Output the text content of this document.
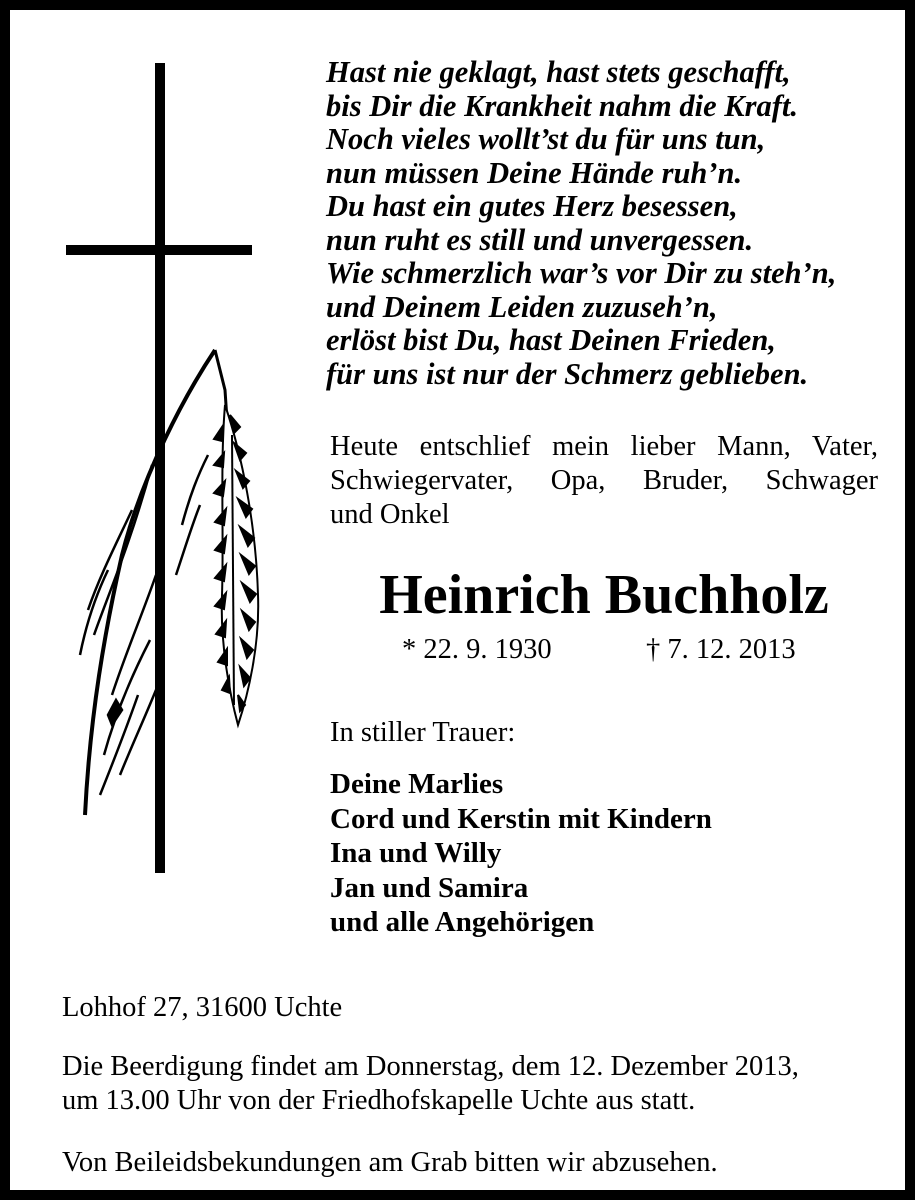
Hast nie geklagt, hast stets geschafft,
bis Dir die Krankheit nahm die Kraft.
Noch vieles wollt’st du für uns tun,
nun müssen Deine Hände ruh’n.
Du hast ein gutes Herz besessen,
nun ruht es still und unvergessen.
Wie schmerzlich war’s vor Dir zu steh’n,
und Deinem Leiden zuzuseh’n,
erlöst bist Du, hast Deinen Frieden,
für uns ist nur der Schmerz geblieben.
Heute entschlief mein lieber Mann, Vater,
Schwiegervater, Opa, Bruder, Schwager
und Onkel
Heinrich Buchholz
* 22. 9. 1930	† 7. 12. 2013
In stiller Trauer:
Deine Marlies
Cord und Kerstin mit Kindern
Ina und Willy
Jan und Samira
und alle Angehörigen
Lohhof 27, 31600 Uchte
Die Beerdigung findet am Donnerstag, dem 12. Dezember 2013,
um 13.00 Uhr von der Friedhofskapelle Uchte aus statt.
Von Beileidsbekundungen am Grab bitten wir abzusehen.
